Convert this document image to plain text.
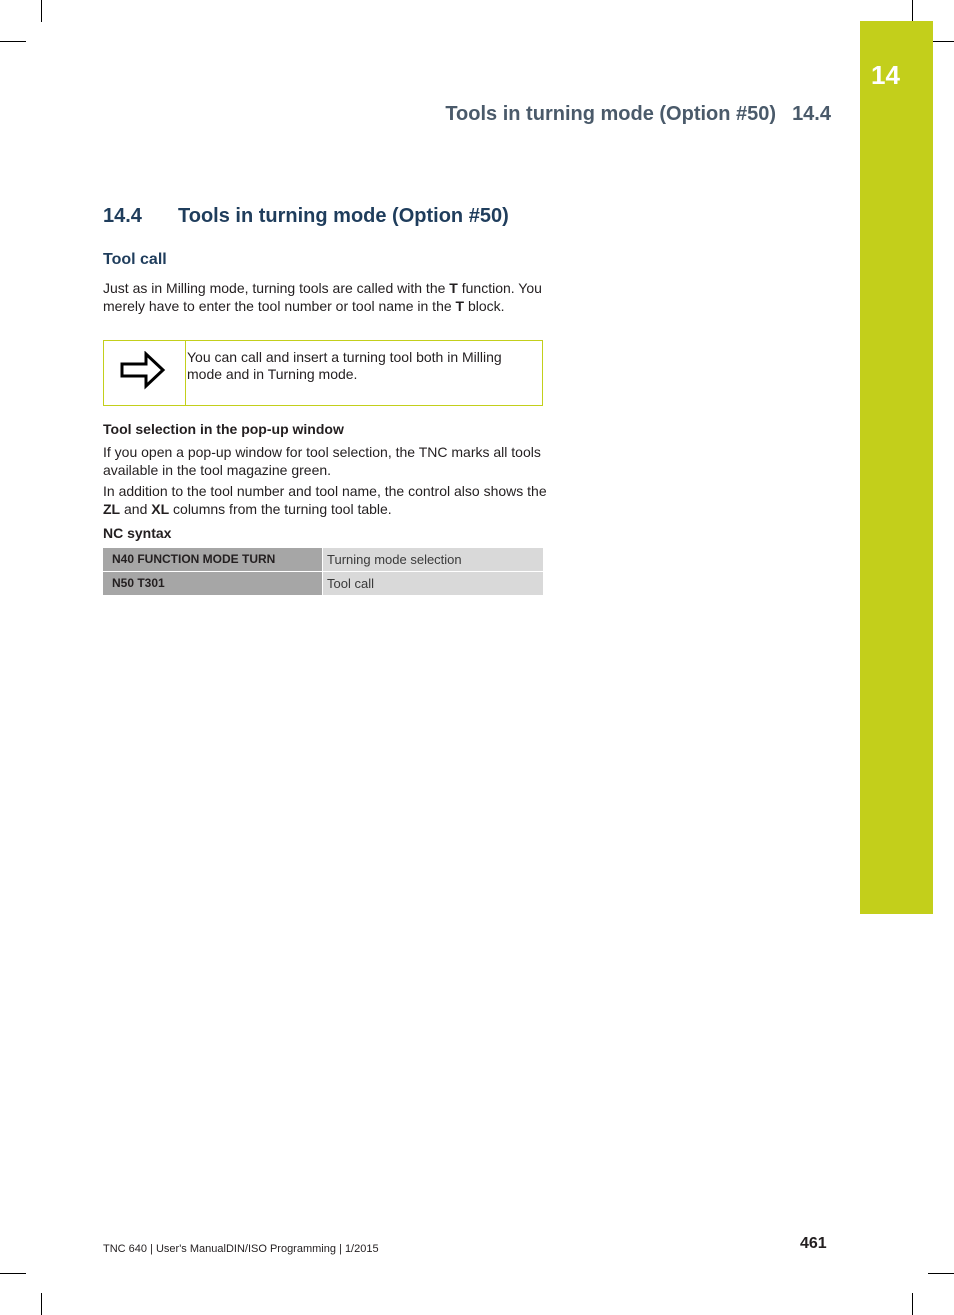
14
Tools in turning mode (Option #50) 14.4
14.4 Tools in turning mode (Option #50)
Tool call

Just as in Milling mode, turning tools are called with the T function. You merely have to enter the tool number or tool name in the T block.

You can call and insert a turning tool both in Milling mode and in Turning mode.
Tool selection in the pop-up window

If you open a pop-up window for tool selection, the TNC marks all tools available in the tool magazine green.

In addition to the tool number and tool name, the control also shows the ZL and XL columns from the turning tool table.

NC syntax
N40 FUNCTION MODE TURN	Turning mode selection
N50 T301	Tool call
TNC 640 | User's ManualDIN/ISO Programming | 1/2015	461
